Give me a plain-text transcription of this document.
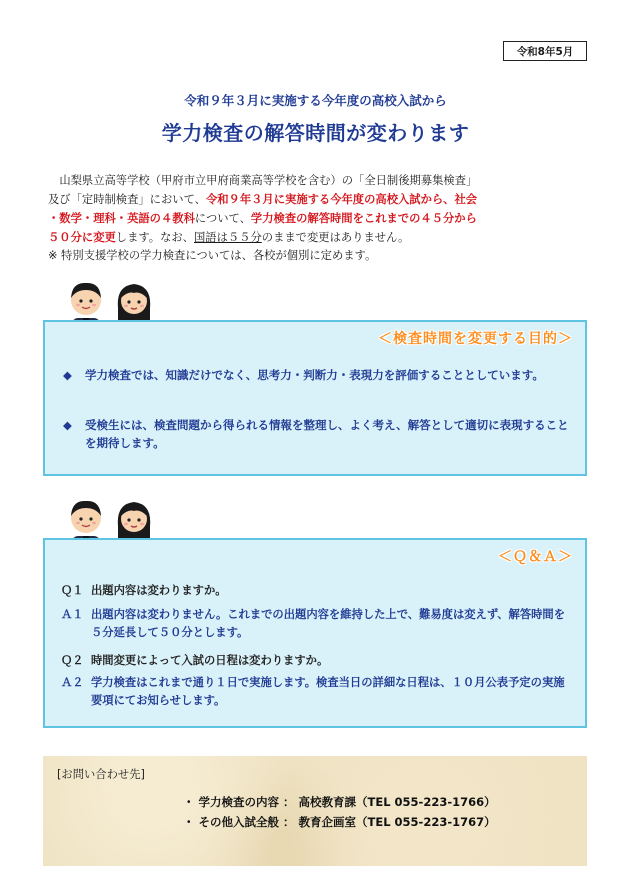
令和8年5月
令和９年３月に実施する今年度の高校入試から
学力検査の解答時間が変わります

　山梨県立高等学校（甲府市立甲府商業高等学校を含む）の「全日制後期募集検査」
及び「定時制検査」において、令和９年３月に実施する今年度の高校入試から、社会
・数学・理科・英語の４教科について、学力検査の解答時間をこれまでの４５分から
５０分に変更します。なお、国語は５５分のままで変更はありません。

※ 特別支援学校の学力検査については、各校が個別に定めます。
＜検査時間を変更する目的＞
◆	学力検査では、知識だけでなく、思考力・判断力・表現力を評価することとしています。
◆	受検生には、検査問題から得られる情報を整理し、よく考え、解答として適切に表現することを期待します。
＜Ｑ＆Ａ＞
Ｑ１ 出題内容は変わりますか。
Ａ１ 出題内容は変わりません。これまでの出題内容を維持した上で、難易度は変えず、解答時間を５分延長して５０分とします。
Ｑ２ 時間変更によって入試の日程は変わりますか。
Ａ２ 学力検査はこれまで通り１日で実施します。検査当日の詳細な日程は、１０月公表予定の実施要項にてお知らせします。
[お問い合わせ先]
・ 学力検査の内容 ： 高校教育課（TEL 055-223-1766）
・ その他入試全般 ： 教育企画室（TEL 055-223-1767）
